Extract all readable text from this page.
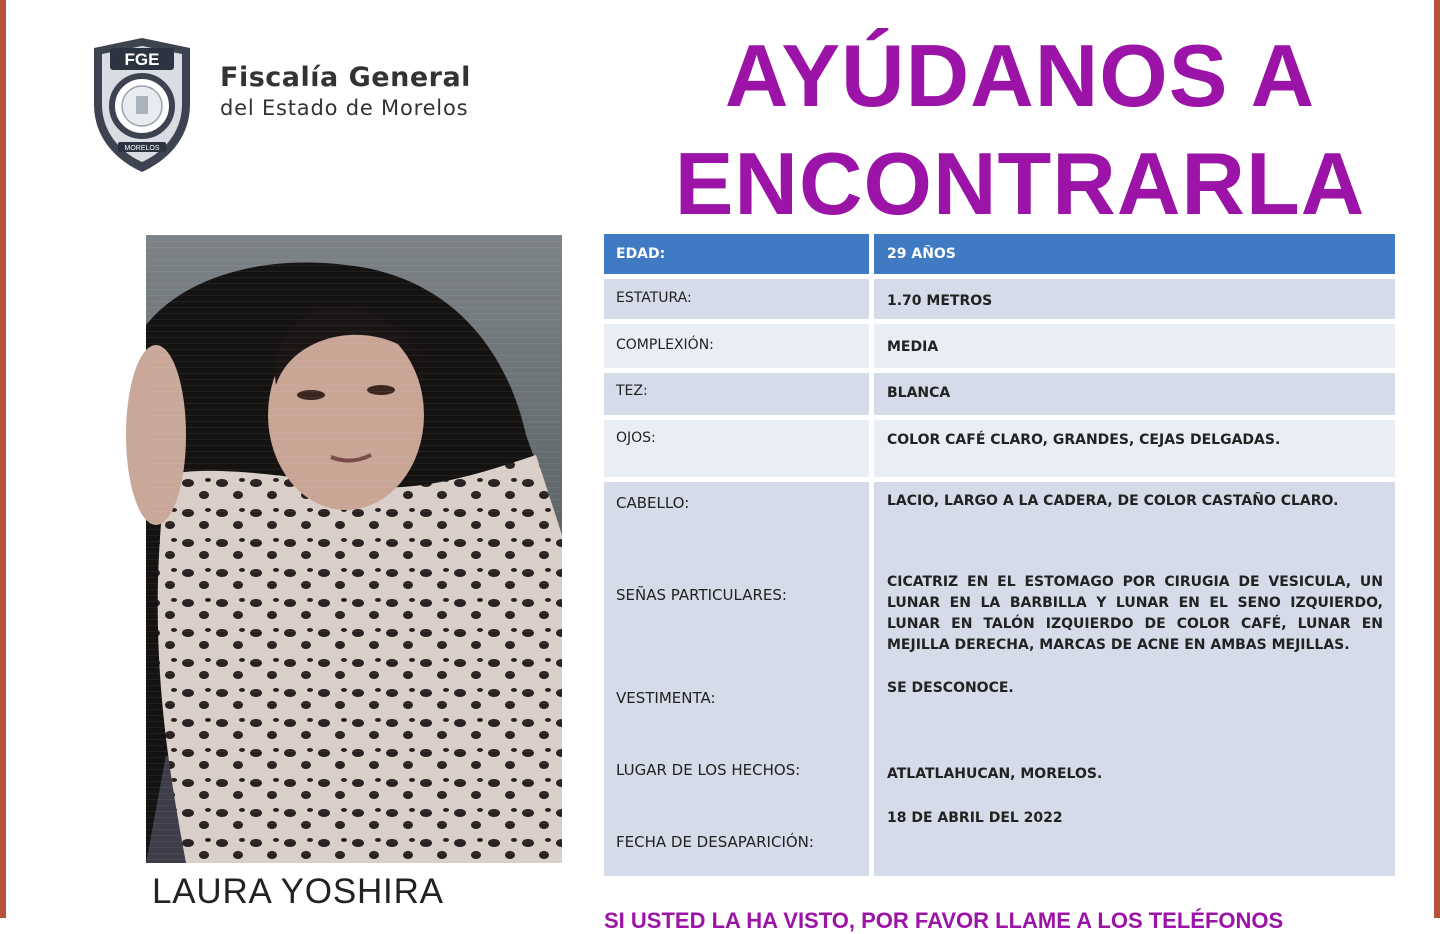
FGE
MORELOS
Fiscalía General
del Estado de Morelos	AYÚDANOS A
ENCONTRARLA
LAURA YOSHIRA
EDAD:	29 AÑOS
ESTATURA:	1.70 METROS
COMPLEXIÓN:	MEDIA
TEZ:	BLANCA
OJOS:	COLOR CAFÉ CLARO, GRANDES, CEJAS DELGADAS.
CABELLO:	LACIO, LARGO A LA CADERA, DE COLOR CASTAÑO CLARO.
SEÑAS PARTICULARES:
CICATRIZ EN EL ESTOMAGO POR CIRUGIA DE VESICULA, UN LUNAR EN LA BARBILLA Y LUNAR EN EL SENO IZQUIERDO, LUNAR EN TALÓN IZQUIERDO DE COLOR CAFÉ, LUNAR EN MEJILLA DERECHA, MARCAS DE ACNE EN AMBAS MEJILLAS.
VESTIMENTA:
SE DESCONOCE.
LUGAR DE LOS HECHOS:	ATLATLAHUCAN, MORELOS.
FECHA DE DESAPARICIÓN:
18 DE ABRIL DEL 2022
SI USTED LA HA VISTO, POR FAVOR LLAME A LOS TELÉFONOS
